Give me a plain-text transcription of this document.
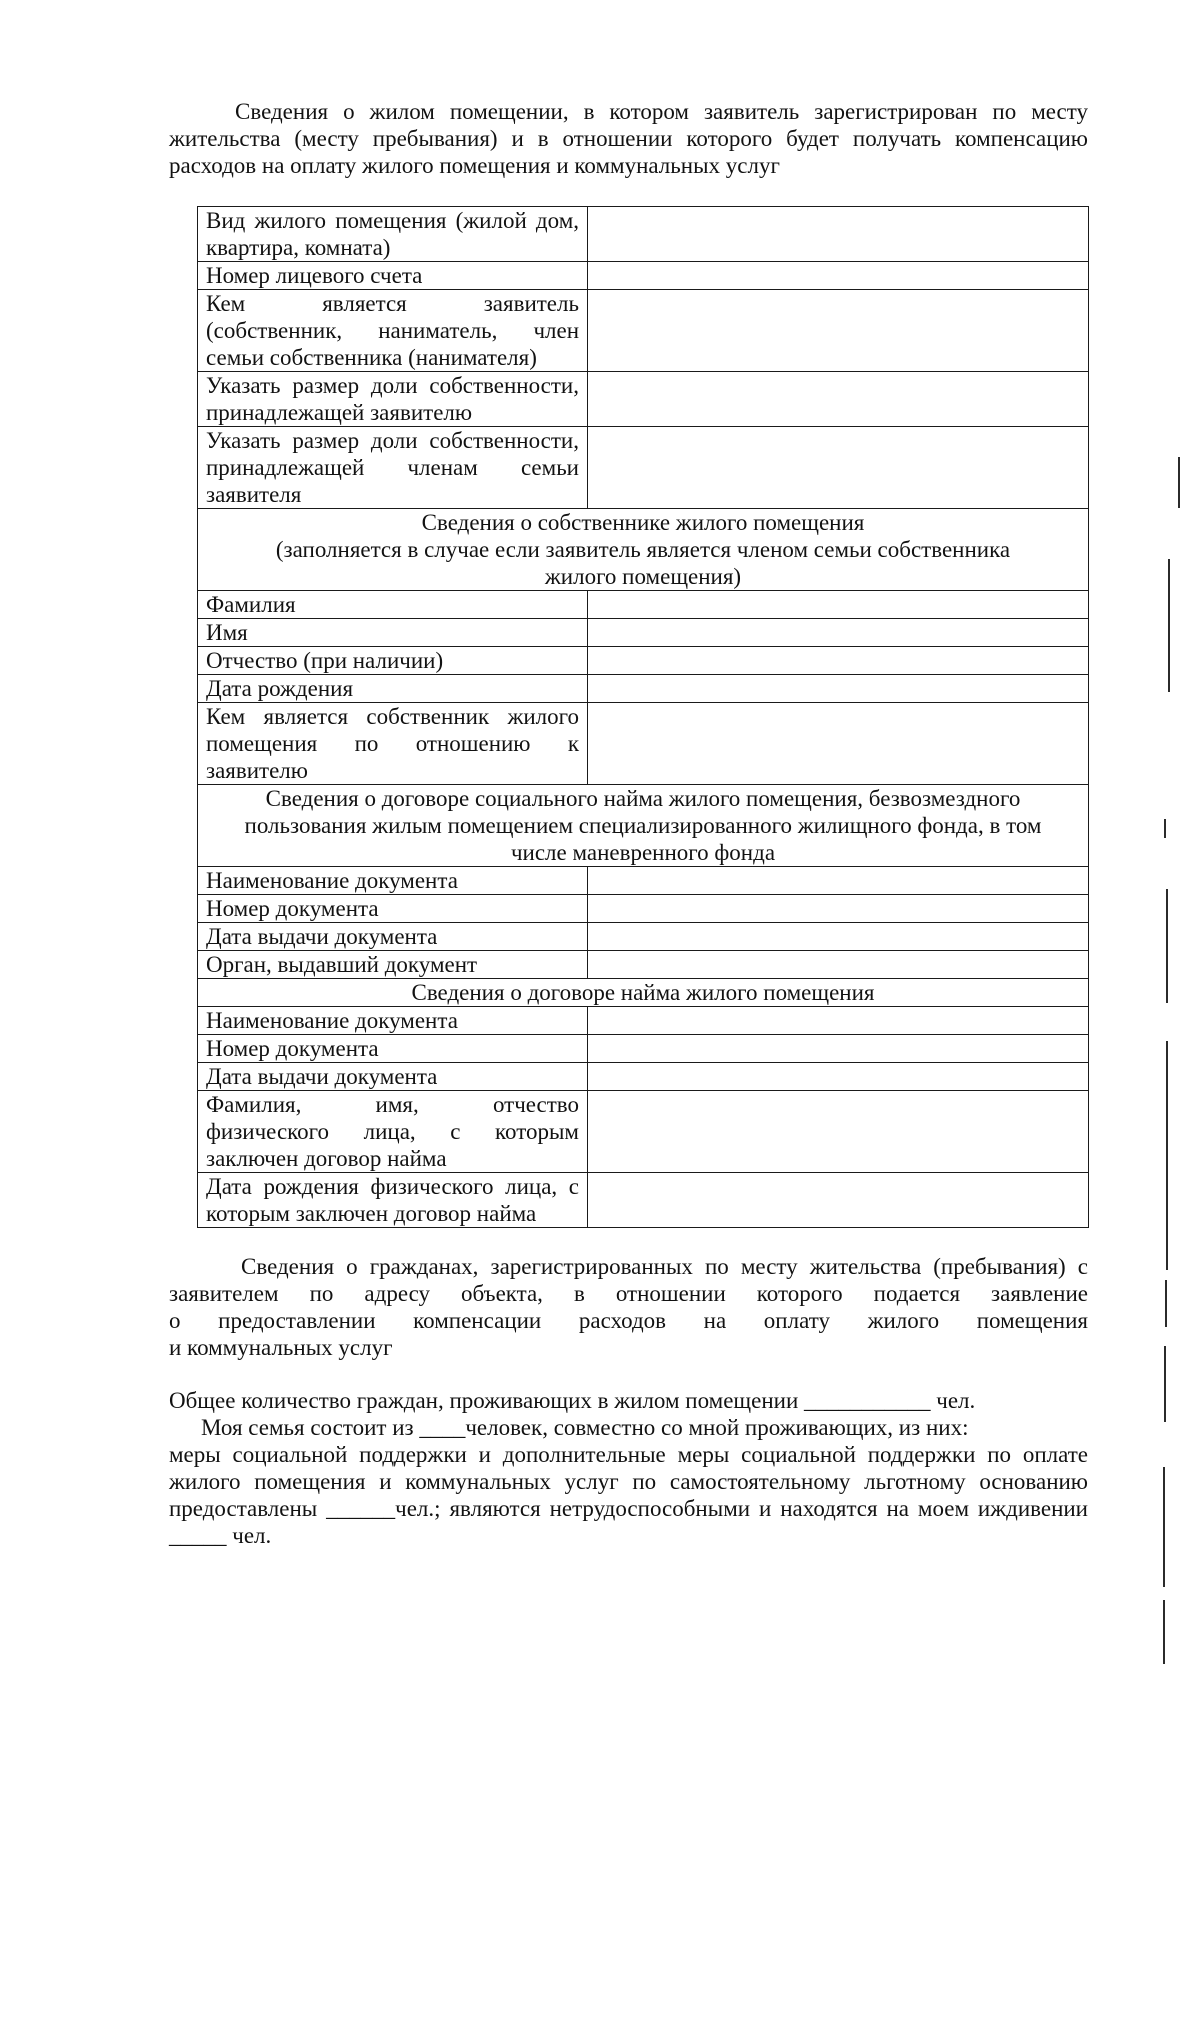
Сведения о жилом помещении, в котором заявитель зарегистрирован по месту
жительства (месту пребывания) и в отношении которого будет получать компенсацию
расходов на оплату жилого помещения и коммунальных услуг
Вид жилого помещения (жилой дом,
квартира, комната)	

Номер лицевого счета	

Кем является заявитель
(собственник, наниматель, член
семьи собственника (нанимателя)	

Указать размер доли собственности,
принадлежащей заявителю	

Указать размер доли собственности,
принадлежащей членам семьи
заявителя	

Сведения о собственнике жилого помещения
(заполняется в случае если заявитель является членом семьи собственника
жилого помещения)	

Фамилия	

Имя	

Отчество (при наличии)	

Дата рождения	

Кем является собственник жилого
помещения по отношению к
заявителю	

Сведения о договоре социального найма жилого помещения, безвозмездного
пользования жилым помещением специализированного жилищного фонда, в том
числе маневренного фонда	

Наименование документа	

Номер документа	

Дата выдачи документа	

Орган, выдавший документ	

Сведения о договоре найма жилого помещения	

Наименование документа	

Номер документа	

Дата выдачи документа	

Фамилия, имя, отчество
физического лица, с которым
заключен договор найма	

Дата рождения физического лица, с
которым заключен договор найма	

Сведения о гражданах, зарегистрированных по месту жительства (пребывания) с
заявителем по адресу объекта, в отношении которого подается заявление
о предоставлении компенсации расходов на оплату жилого помещения
и коммунальных услуг
Общее количество граждан, проживающих в жилом помещении ___________ чел.
Моя семья состоит из ____человек, совместно со мной проживающих, из них:
меры социальной поддержки и дополнительные меры социальной поддержки по оплате
жилого помещения и коммунальных услуг по самостоятельному льготному основанию
предоставлены ______чел.; являются нетрудоспособными и находятся на моем иждивении
_____ чел.
